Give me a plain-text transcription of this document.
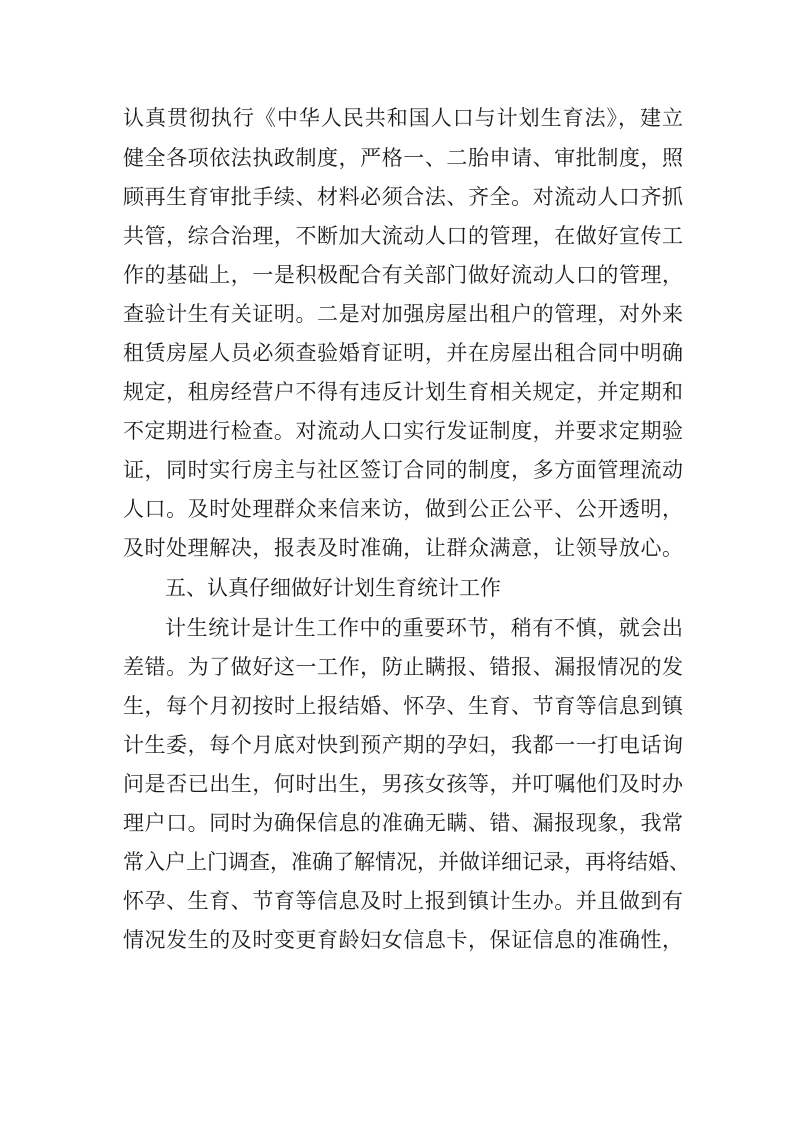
认真贯彻执行《中华人民共和国人口与计划生育法》，建立
健全各项依法执政制度，严格一、二胎申请、审批制度，照
顾再生育审批手续、材料必须合法、齐全。对流动人口齐抓
共管，综合治理，不断加大流动人口的管理，在做好宣传工
作的基础上，一是积极配合有关部门做好流动人口的管理，
查验计生有关证明。二是对加强房屋出租户的管理，对外来
租赁房屋人员必须查验婚育证明，并在房屋出租合同中明确
规定，租房经营户不得有违反计划生育相关规定，并定期和
不定期进行检查。对流动人口实行发证制度，并要求定期验
证，同时实行房主与社区签订合同的制度，多方面管理流动
人口。及时处理群众来信来访，做到公正公平、公开透明，
及时处理解决，报表及时准确，让群众满意，让领导放心。
五、认真仔细做好计划生育统计工作
计生统计是计生工作中的重要环节，稍有不慎，就会出
差错。为了做好这一工作，防止瞒报、错报、漏报情况的发
生，每个月初按时上报结婚、怀孕、生育、节育等信息到镇
计生委，每个月底对快到预产期的孕妇，我都一一打电话询
问是否已出生，何时出生，男孩女孩等，并叮嘱他们及时办
理户口。同时为确保信息的准确无瞒、错、漏报现象，我常
常入户上门调查，准确了解情况，并做详细记录，再将结婚、
怀孕、生育、节育等信息及时上报到镇计生办。并且做到有
情况发生的及时变更育龄妇女信息卡，保证信息的准确性，
